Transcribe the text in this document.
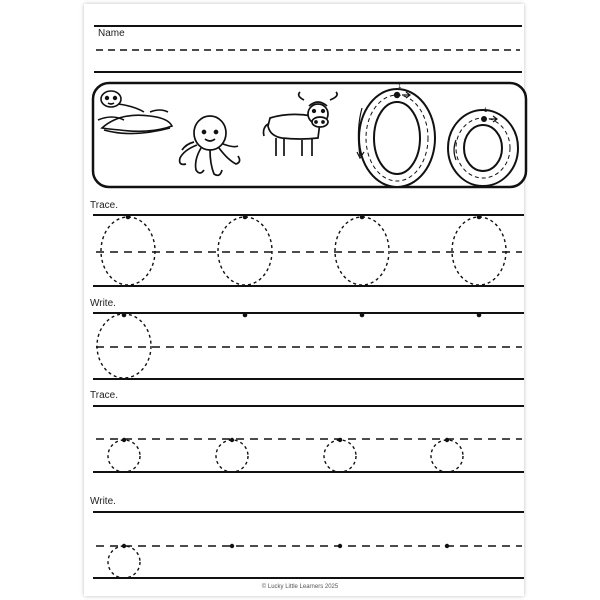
1
1
Name
Trace.
Write.
Trace.
Write.
© Lucky Little Learners 2025
